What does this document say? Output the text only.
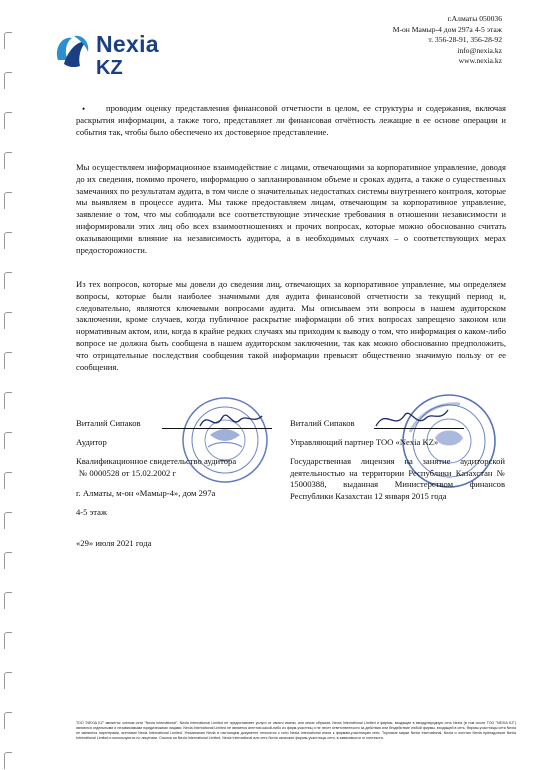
Nexia
KZ
г.Алматы 050036
М-он Мамыр-4 дом 297а 4-5 этаж
т. 356-28-91, 356-28-92
info@nexia.kz
www.nexia.kz
•	проводим оценку представления финансовой отчетности в целом, ее структуры и содержания, включая раскрытия информации, а также того, представляет ли финансовая отчётность лежащие в ее основе операции и события так, чтобы было обеспечено их достоверное представление.
Мы осуществляем информационное взаимодействие с лицами, отвечающими за корпоративное управление, доводя до их сведения, помимо прочего, информацию о запланированном объеме и сроках аудита, а также о существенных замечаниях по результатам аудита, в том числе о значительных недостатках системы внутреннего контроля, которые мы выявляем в процессе аудита. Мы также предоставляем лицам, отвечающим за корпоративное управление, заявление о том, что мы соблюдали все соответствующие этические требования в отношении независимости и информировали этих лиц обо всех взаимоотношениях и прочих вопросах, которые можно обоснованно считать оказывающими влияние на независимость аудитора, а в необходимых случаях – о соответствующих мерах предосторожности.
Из тех вопросов, которые мы довели до сведения лиц, отвечающих за корпоративное управление, мы определяем вопросы, которые были наиболее значимыми для аудита финансовой отчетности за текущий период и, следовательно, являются ключевыми вопросами аудита. Мы описываем эти вопросы в нашем аудиторском заключении, кроме случаев, когда публичное раскрытие информации об этих вопросах запрещено законом или нормативным актом, или, когда в крайне редких случаях мы приходим к выводу о том, что информация о каком-либо вопросе не должна быть сообщена в нашем аудиторском заключении, так как можно обоснованно предположить, что отрицательные последствия сообщения такой информации превысят общественно значимую пользу от ее сообщения.
Виталий Сипаков
Аудитор
Квалификационное свидетельство аудитора
№ 0000528 от 15.02.2002 г
г. Алматы, м-он «Мамыр-4», дом 297а
4-5 этаж
Виталий Сипаков
Управляющий партнер ТОО «Nexia KZ»
Государственная лицензия на занятие аудиторской деятельностью на территории Республики Казахстан № 15000388, выданная Министерством финансов Республики Казахстан 12 января 2015 года
«29» июля 2021 года
ТОО "NEXIA KZ" является членом сети "Nexia International". Nexia International Limited не предоставляет услуги от своего имени, или иным образом. Nexia International Limited и фирмы, входящие в международную сеть Nexia (в том числе ТОО "NEXIA KZ") являются отдельными и независимыми юридическими лицами. Nexia International Limited не является агентом какой-либо из фирм-участниц и не несет ответственности за действия или бездействие любой фирмы, входящей в сеть. Фирмы-участницы сети Nexia не являются партнерами, агентами Nexia International Limited. Упоминания Nexia в настоящем документе относятся к сети Nexia International и/или к фирмам-участницам сети. Торговые марки Nexia International, Nexia и логотип Nexia принадлежат Nexia International Limited и используются по лицензии. Ссылки на Nexia International Limited, Nexia International или сеть Nexia означают фирмы-участницы сети, в зависимости от контекста.
